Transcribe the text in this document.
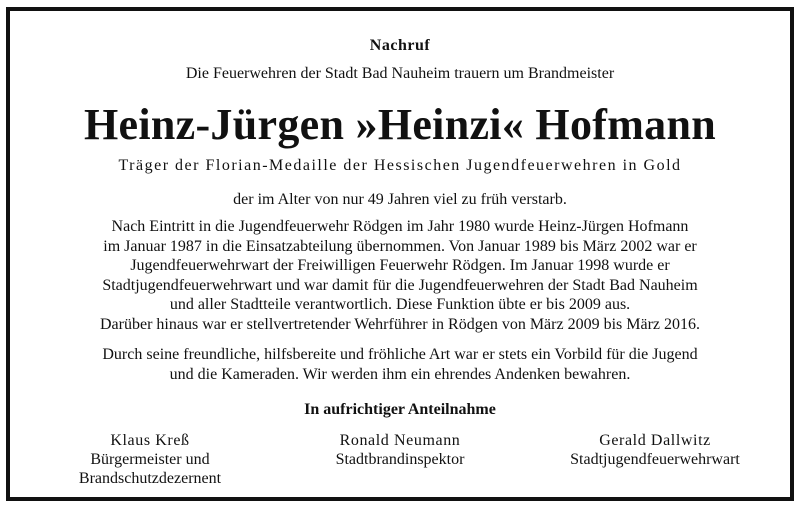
Nachruf
Die Feuerwehren der Stadt Bad Nauheim trauern um Brandmeister
Heinz-Jürgen »Heinzi« Hofmann
Träger der Florian-Medaille der Hessischen Jugendfeuerwehren in Gold
der im Alter von nur 49 Jahren viel zu früh verstarb.
Nach Eintritt in die Jugendfeuerwehr Rödgen im Jahr 1980 wurde Heinz-Jürgen Hofmann
im Januar 1987 in die Einsatzabteilung übernommen. Von Januar 1989 bis März 2002 war er
Jugendfeuerwehrwart der Freiwilligen Feuerwehr Rödgen. Im Januar 1998 wurde er
Stadtjugendfeuerwehrwart und war damit für die Jugendfeuerwehren der Stadt Bad Nauheim
und aller Stadtteile verantwortlich. Diese Funktion übte er bis 2009 aus.
Darüber hinaus war er stellvertretender Wehrführer in Rödgen von März 2009 bis März 2016.
Durch seine freundliche, hilfsbereite und fröhliche Art war er stets ein Vorbild für die Jugend
und die Kameraden. Wir werden ihm ein ehrendes Andenken bewahren.
In aufrichtiger Anteilnahme
Klaus Kreß
Bürgermeister und
Brandschutzdezernent
Ronald Neumann
Stadtbrandinspektor
Gerald Dallwitz
Stadtjugendfeuerwehrwart
